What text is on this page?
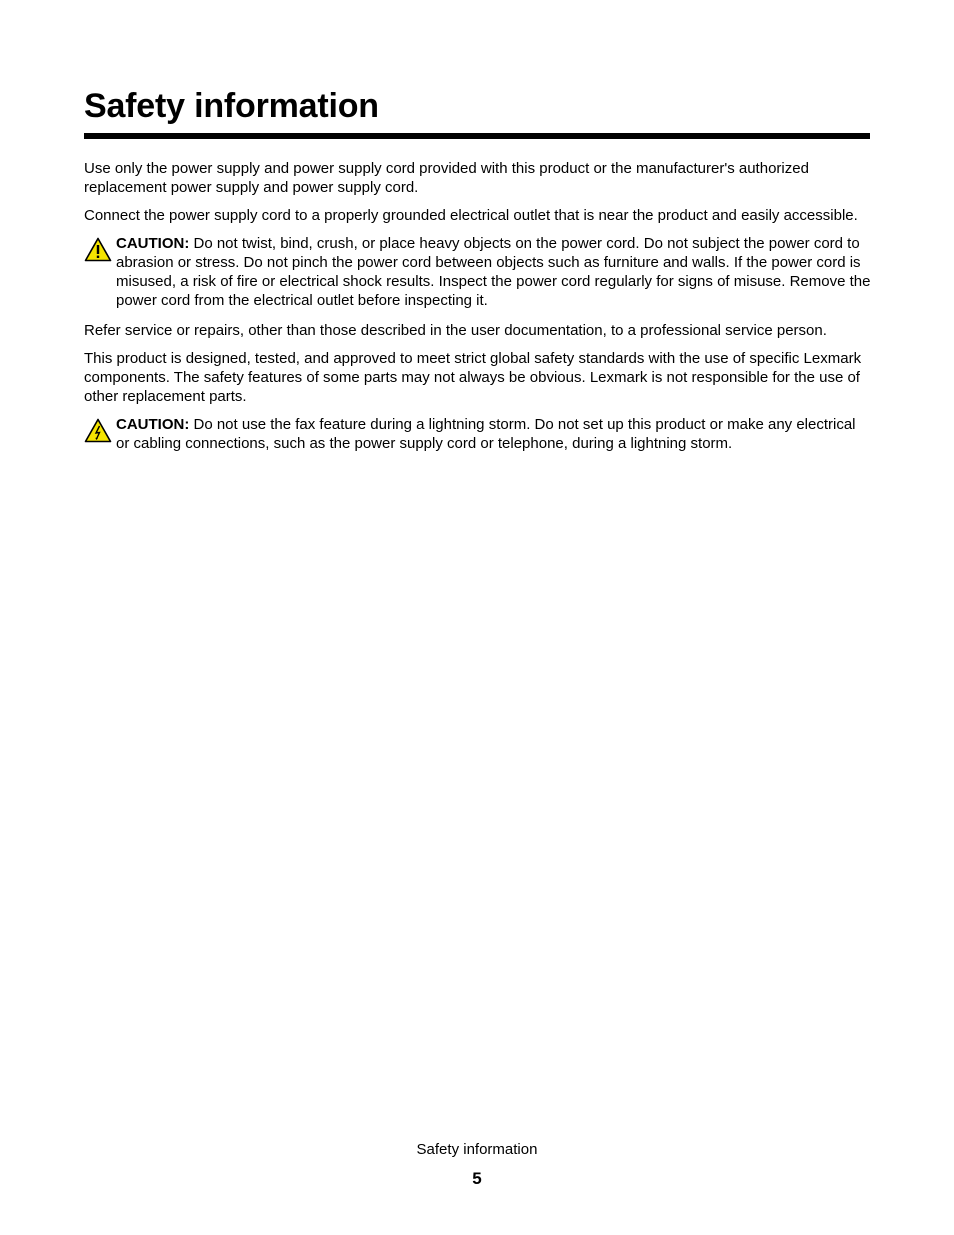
Safety information

Use only the power supply and power supply cord provided with this product or the manufacturer's authorized replacement power supply and power supply cord.

Connect the power supply cord to a properly grounded electrical outlet that is near the product and easily accessible.

CAUTION: Do not twist, bind, crush, or place heavy objects on the power cord. Do not subject the power cord to abrasion or stress. Do not pinch the power cord between objects such as furniture and walls. If the power cord is misused, a risk of fire or electrical shock results. Inspect the power cord regularly for signs of misuse. Remove the power cord from the electrical outlet before inspecting it.

Refer service or repairs, other than those described in the user documentation, to a professional service person.

This product is designed, tested, and approved to meet strict global safety standards with the use of specific Lexmark components. The safety features of some parts may not always be obvious. Lexmark is not responsible for the use of other replacement parts.

CAUTION: Do not use the fax feature during a lightning storm. Do not set up this product or make any electrical or cabling connections, such as the power supply cord or telephone, during a lightning storm.
Safety information
5
